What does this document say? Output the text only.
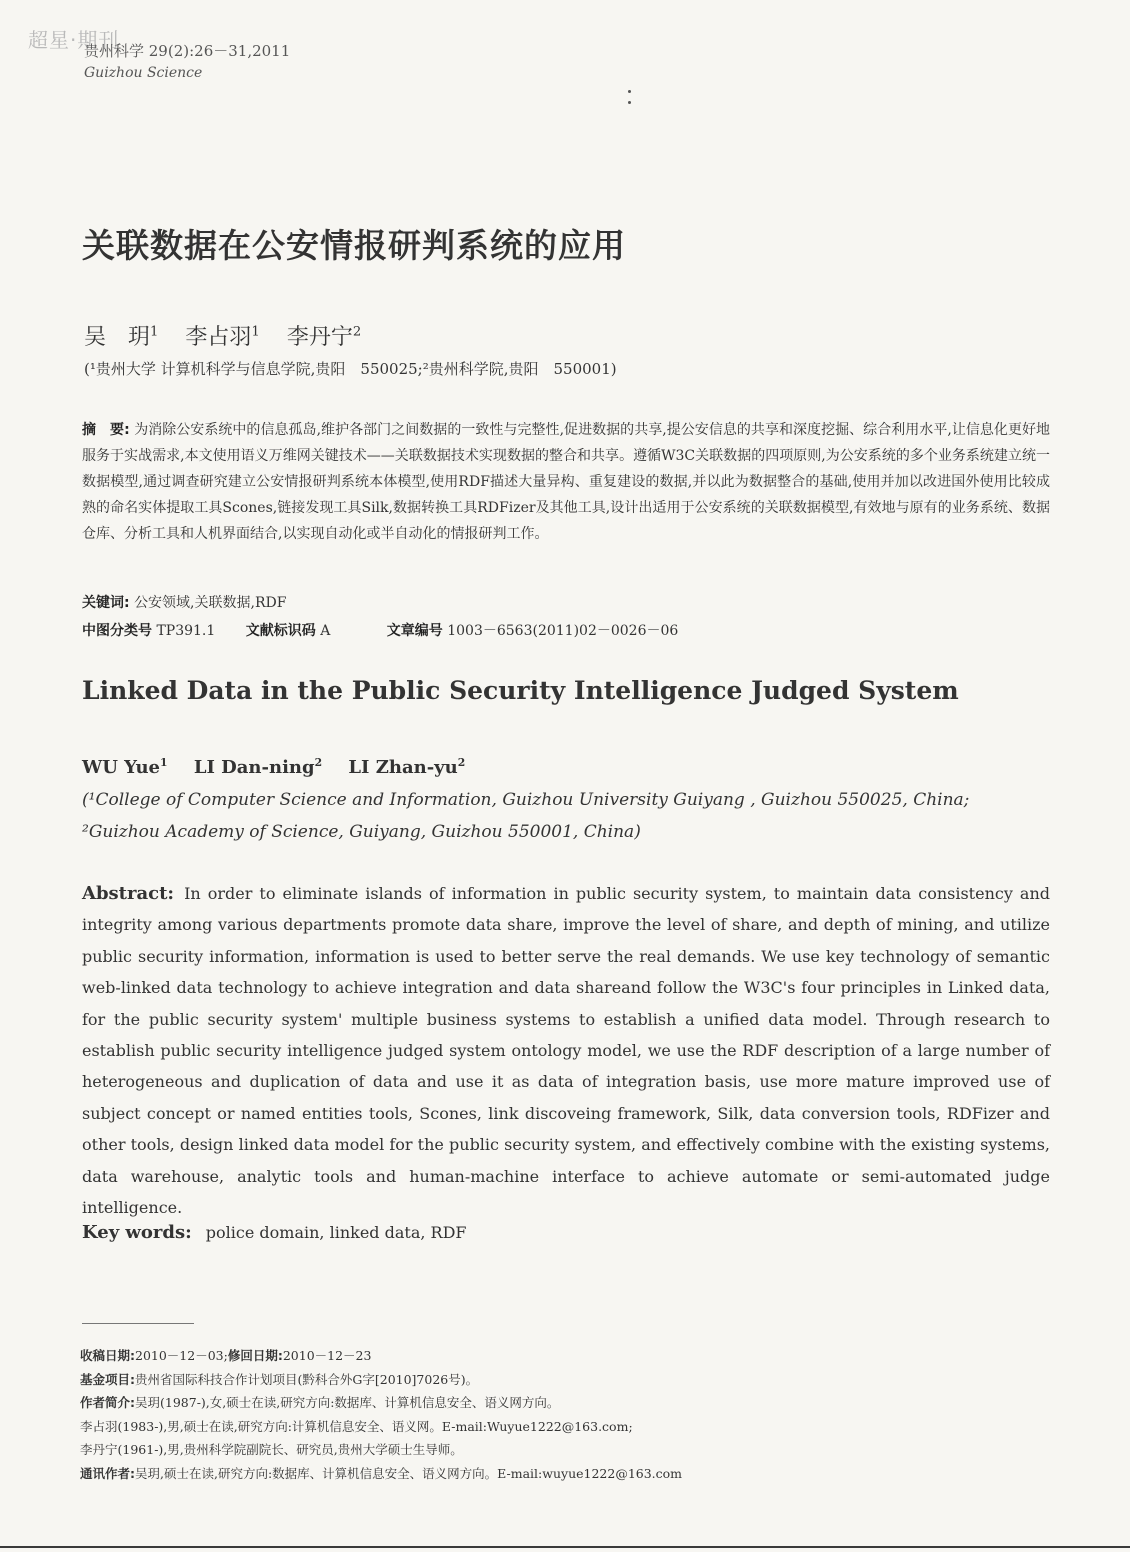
超星·期刊
贵州科学 29(2):26－31,2011
Guizhou Science
关联数据在公安情报研判系统的应用
吴　玥$^1$ 李占羽$^1$ 李丹宁$^2$
(¹贵州大学 计算机科学与信息学院,贵阳　550025;²贵州科学院,贵阳　550001)
摘　要: 为消除公安系统中的信息孤岛,维护各部门之间数据的一致性与完整性,促进数据的共享,提公安信息的共享和深度挖掘、综合利用水平,让信息化更好地服务于实战需求,本文使用语义万维网关键技术——关联数据技术实现数据的整合和共享。遵循W3C关联数据的四项原则,为公安系统的多个业务系统建立统一数据模型,通过调查研究建立公安情报研判系统本体模型,使用RDF描述大量异构、重复建设的数据,并以此为数据整合的基础,使用并加以改进国外使用比较成熟的命名实体提取工具Scones,链接发现工具Silk,数据转换工具RDFizer及其他工具,设计出适用于公安系统的关联数据模型,有效地与原有的业务系统、数据仓库、分析工具和人机界面结合,以实现自动化或半自动化的情报研判工作。
关键词: 公安领域,关联数据,RDF
中图分类号 TP391.1 文献标识码 A	文章编号 1003－6563(2011)02－0026－06
Linked Data in the Public Security Intelligence Judged System
WU Yue$^1$ LI Dan-ning$^2$ LI Zhan-$yu^2$
(¹College of Computer Science and Information, Guizhou University Guiyang , Guizhou 550025, China; ²Guizhou Academy of Science, Guiyang, Guizhou 550001, China)
Abstract: In order to eliminate islands of information in public security system, to maintain data consistency and integrity among various departments promote data share, improve the level of share, and depth of mining, and utilize public security information, information is used to better serve the real demands. We use key technology of semantic web-linked data technology to achieve integration and data shareand follow the W3C's four principles in Linked data, for the public security system' multiple business systems to establish a unified data model. Through research to establish public security intelligence judged system ontology model, we use the RDF description of a large number of heterogeneous and duplication of data and use it as data of integration basis, use more mature improved use of subject concept or named entities tools, Scones, link discoveing framework, Silk, data conversion tools, RDFizer and other tools, design linked data model for the public security system, and effectively combine with the existing systems, data warehouse, analytic tools and human-machine interface to achieve automate or semi-automated judge intelligence.
Key words: police domain, linked data, RDF
收稿日期:2010－12－03;修回日期:2010－12－23
基金项目:贵州省国际科技合作计划项目(黔科合外G字[2010]7026号)。
作者简介:吴玥(1987-),女,硕士在读,研究方向:数据库、计算机信息安全、语义网方向。
李占羽(1983-),男,硕士在读,研究方向:计算机信息安全、语义网。E-mail:Wuyue1222@163.com;
李丹宁(1961-),男,贵州科学院副院长、研究员,贵州大学硕士生导师。
通讯作者:吴玥,硕士在读,研究方向:数据库、计算机信息安全、语义网方向。E-mail:wuyue1222@163.com
